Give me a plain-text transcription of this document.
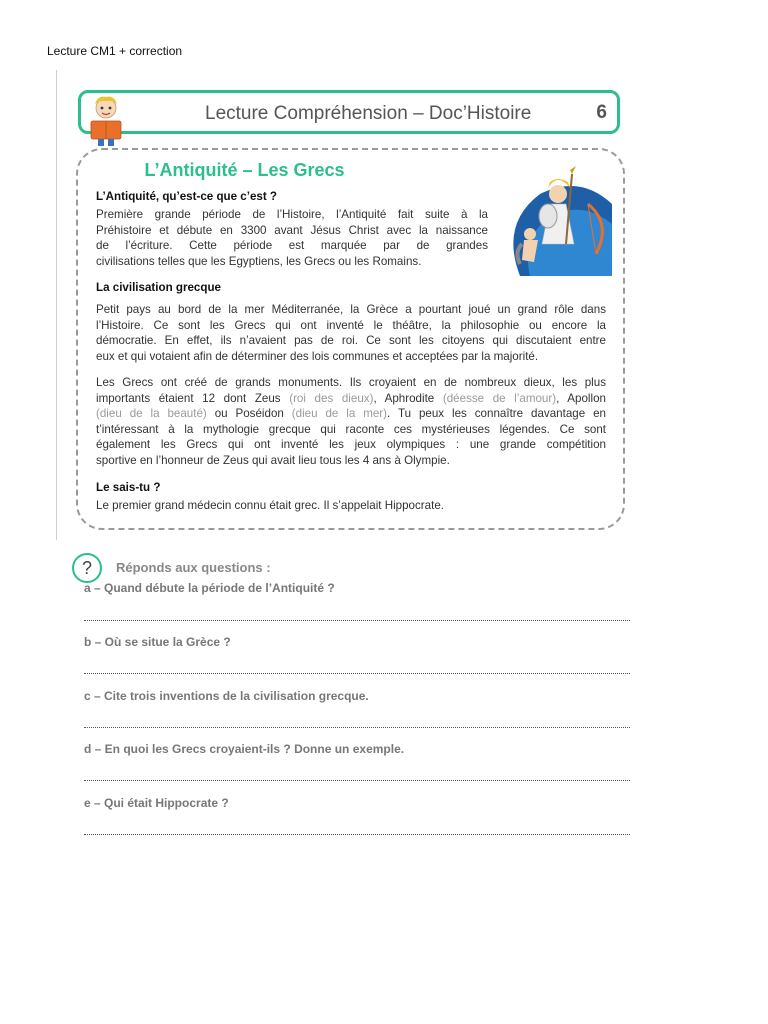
Lecture CM1 + correction
Lecture Compréhension – Doc’Histoire	6
L’Antiquité – Les Grecs
L’Antiquité, qu’est-ce que c’est ?
Première grande période de l’Histoire, l’Antiquité fait suite à la
Préhistoire et débute en 3300 avant Jésus Christ avec la naissance
de l’écriture. Cette période est marquée par de grandes
civilisations telles que les Egyptiens, les Grecs ou les Romains.
La civilisation grecque
Petit pays au bord de la mer Méditerranée, la Grèce a pourtant joué un grand rôle dans
l’Histoire. Ce sont les Grecs qui ont inventé le théâtre, la philosophie ou encore la
démocratie. En effet, ils n’avaient pas de roi. Ce sont les citoyens qui discutaient entre
eux et qui votaient afin de déterminer des lois communes et acceptées par la majorité.
Les Grecs ont créé de grands monuments. Ils croyaient en de nombreux dieux, les plus
importants étaient 12 dont Zeus (roi des dieux), Aphrodite (déesse de l’amour), Apollon
(dieu de la beauté) ou Poséidon (dieu de la mer). Tu peux les connaître davantage en
t’intéressant à la mythologie grecque qui raconte ces mystérieuses légendes. Ce sont
également les Grecs qui ont inventé les jeux olympiques : une grande compétition
sportive en l’honneur de Zeus qui avait lieu tous les 4 ans à Olympie.
Le sais-tu ?
Le premier grand médecin connu était grec. Il s’appelait Hippocrate.
?	Réponds aux questions :
a – Quand débute la période de l’Antiquité ?
b – Où se situe la Grèce ?
c – Cite trois inventions de la civilisation grecque.
d – En quoi les Grecs croyaient-ils ? Donne un exemple.
e – Qui était Hippocrate ?
